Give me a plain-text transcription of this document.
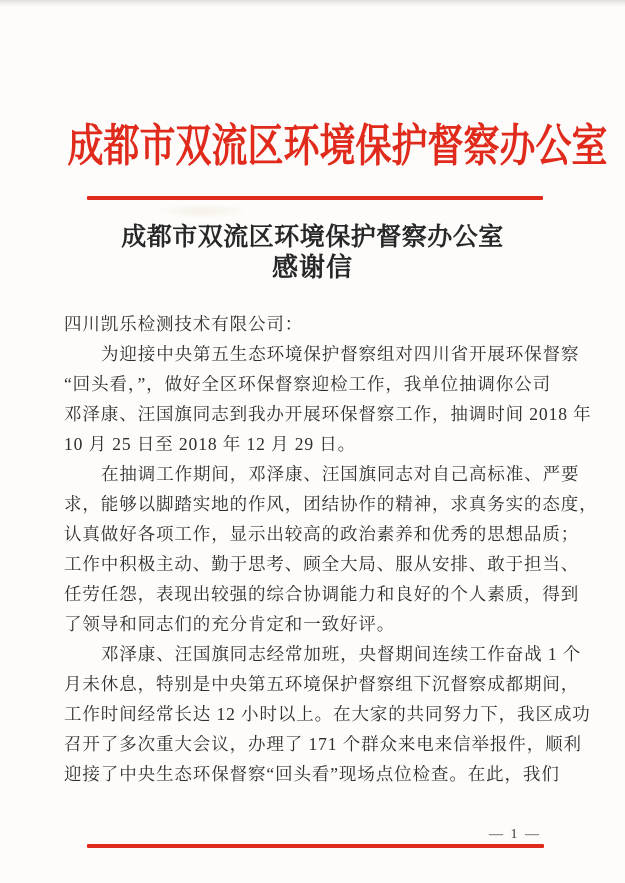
成都市双流区环境保护督察办公室
成都市双流区环境保护督察办公室
感谢信
四川凯乐检测技术有限公司：
为迎接中央第五生态环境保护督察组对四川省开展环保督察
“回头看，”，做好全区环保督察迎检工作，我单位抽调你公司
邓泽康、汪国旗同志到我办开展环保督察工作，抽调时间 2018 年
10 月 25 日至 2018 年 12 月 29 日。
在抽调工作期间，邓泽康、汪国旗同志对自己高标准、严要
求，能够以脚踏实地的作风，团结协作的精神，求真务实的态度，
认真做好各项工作，显示出较高的政治素养和优秀的思想品质；
工作中积极主动、勤于思考、顾全大局、服从安排、敢于担当、
任劳任怨，表现出较强的综合协调能力和良好的个人素质，得到
了领导和同志们的充分肯定和一致好评。
邓泽康、汪国旗同志经常加班，央督期间连续工作奋战 1 个
月未休息，特别是中央第五环境保护督察组下沉督察成都期间，
工作时间经常长达 12 小时以上。在大家的共同努力下，我区成功
召开了多次重大会议，办理了 171 个群众来电来信举报件，顺利
迎接了中央生态环保督察“回头看”现场点位检查。在此，我们
— 1 —
